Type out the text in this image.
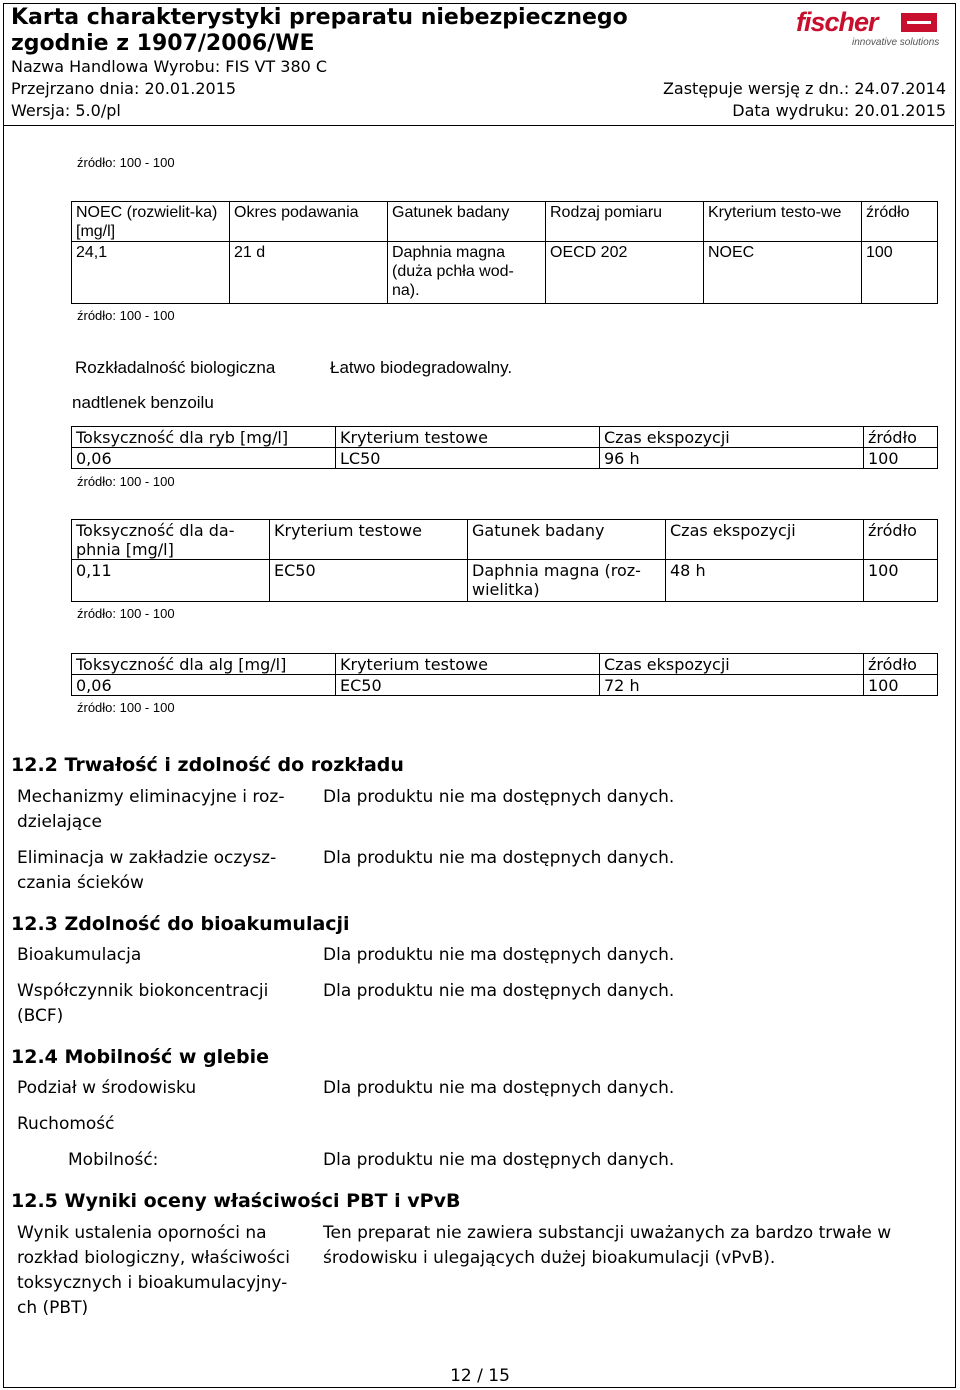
Karta charakterystyki preparatu niebezpiecznego
zgodnie z 1907/2006/WE
Nazwa Handlowa Wyrobu: FIS VT 380 C
Przejrzano dnia: 20.01.2015
Wersja: 5.0/pl
Zastępuje wersję z dn.: 24.07.2014
Data wydruku: 20.01.2015
fischer
innovative solutions
źródło: 100 - 100
NOEC (rozwielit-ka) [mg/l]	Okres podawania	Gatunek badany	Rodzaj pomiaru	Kryterium testo-we	źródło
24,1	21 d	Daphnia magna (duża pchła wod-na).	OECD 202	NOEC	100
źródło: 100 - 100
Rozkładalność biologiczna	Łatwo biodegradowalny.
nadtlenek benzoilu
Toksyczność dla ryb [mg/l]	Kryterium testowe	Czas ekspozycji	źródło
0,06	LC50	96 h	100
źródło: 100 - 100
Toksyczność dla da-phnia [mg/l]	Kryterium testowe	Gatunek badany	Czas ekspozycji	źródło
0,11	EC50	Daphnia magna (roz-wielitka)	48 h	100
źródło: 100 - 100
Toksyczność dla alg [mg/l]	Kryterium testowe	Czas ekspozycji	źródło
0,06	EC50	72 h	100
źródło: 100 - 100
12.2 Trwałość i zdolność do rozkładu
Mechanizmy eliminacyjne i roz-dzielające
Dla produktu nie ma dostępnych danych.
Eliminacja w zakładzie oczysz-czania ścieków
Dla produktu nie ma dostępnych danych.
12.3 Zdolność do bioakumulacji
Bioakumulacja	Dla produktu nie ma dostępnych danych.
Współczynnik biokoncentracji (BCF)
Dla produktu nie ma dostępnych danych.
12.4 Mobilność w glebie
Podział w środowisku	Dla produktu nie ma dostępnych danych.
Ruchomość
Mobilność:	Dla produktu nie ma dostępnych danych.
12.5 Wyniki oceny właściwości PBT i vPvB
Wynik ustalenia oporności na rozkład biologiczny, właściwości toksycznych i bioakumulacyjny-ch (PBT)
Ten preparat nie zawiera substancji uważanych za bardzo trwałe w środowisku i ulegających dużej bioakumulacji (vPvB).
12 / 15
